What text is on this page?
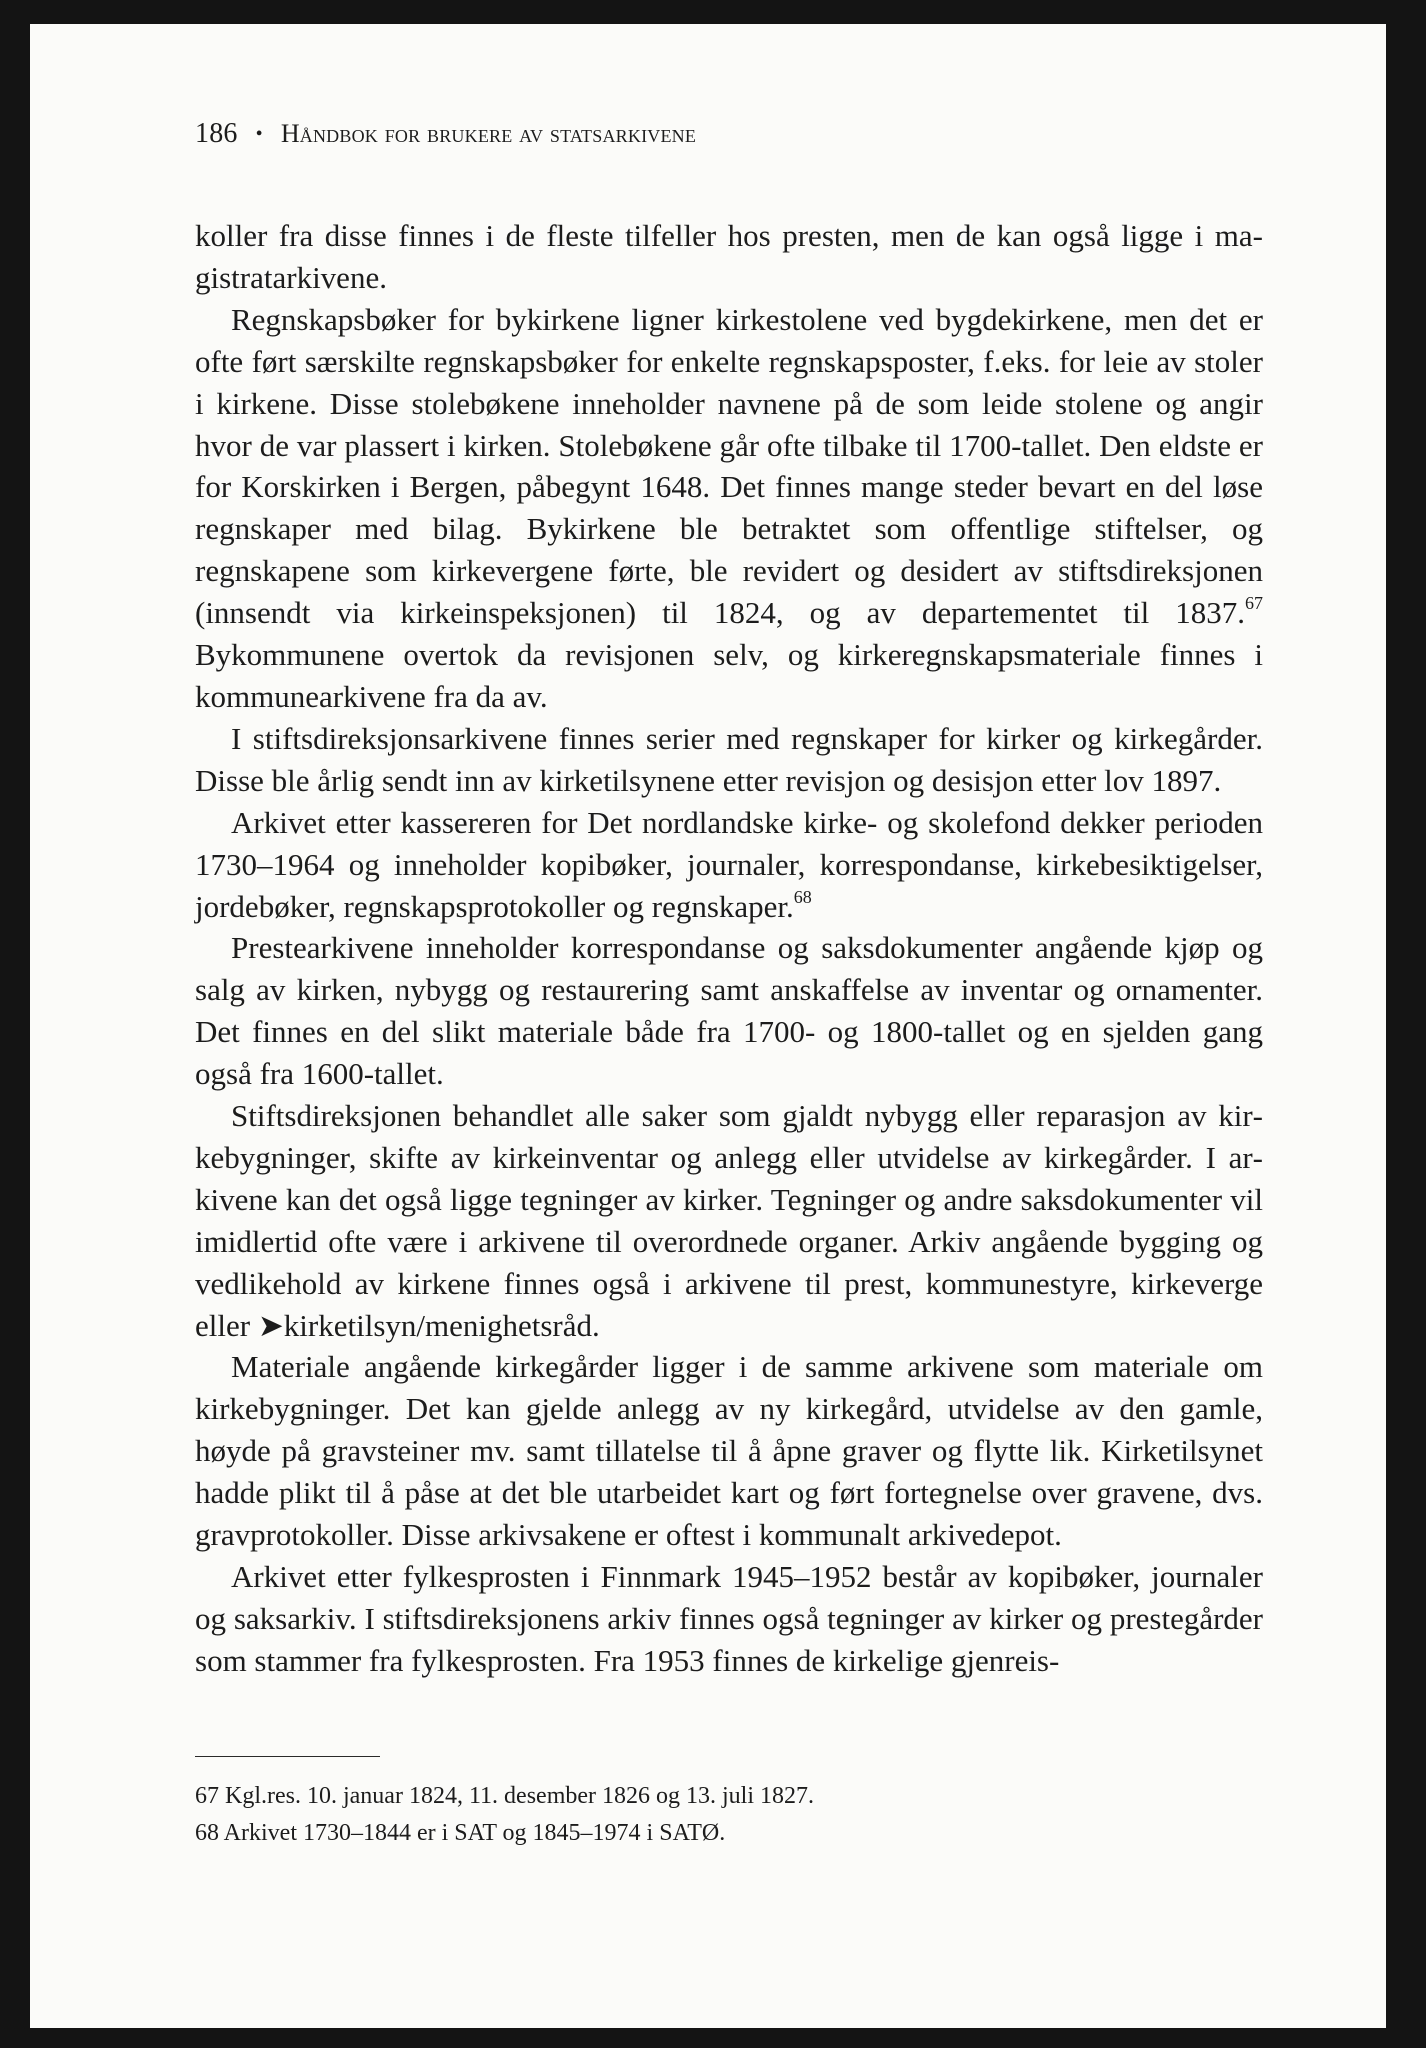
186 • Håndbok for brukere av statsarkivene

koller fra disse finnes i de fleste tilfeller hos presten, men de kan også ligge i magistratarkivene.

Regnskapsbøker for bykirkene ligner kirkestolene ved bygdekirkene, men det er ofte ført særskilte regnskapsbøker for enkelte regnskapsposter, f.eks. for leie av stoler i kirkene. Disse stolebøkene inneholder navnene på de som leide stolene og angir hvor de var plassert i kirken. Stolebøkene går ofte tilbake til 1700-tallet. Den eldste er for Korskirken i Bergen, påbegynt 1648. Det finnes mange steder bevart en del løse regnskaper med bilag. Bykirkene ble betraktet som offentlige stiftelser, og regnskapene som kirkevergene førte, ble revidert og desidert av stiftsdireksjonen (innsendt via kirkeinspeksjonen) til 1824, og av departementet til 1837.67 Bykommunene overtok da revisjonen selv, og kirkeregnskapsmateriale finnes i kommunearkivene fra da av.

I stiftsdireksjonsarkivene finnes serier med regnskaper for kirker og kirkegårder. Disse ble årlig sendt inn av kirketilsynene etter revisjon og desisjon etter lov 1897.

Arkivet etter kassereren for Det nordlandske kirke- og skolefond dekker perioden 1730–1964 og inneholder kopibøker, journaler, korrespondanse, kirkebesiktigelser, jordebøker, regnskapsprotokoller og regnskaper.$^{68}$

Prestearkivene inneholder korrespondanse og saksdokumenter angående kjøp og salg av kirken, nybygg og restaurering samt anskaffelse av inventar og ornamenter. Det finnes en del slikt materiale både fra 1700- og 1800-tallet og en sjelden gang også fra 1600-tallet.

Stiftsdireksjonen behandlet alle saker som gjaldt nybygg eller reparasjon av kirkebygninger, skifte av kirkeinventar og anlegg eller utvidelse av kirkegårder. I arkivene kan det også ligge tegninger av kirker. Tegninger og andre saksdokumenter vil imidlertid ofte være i arkivene til overordnede organer. Arkiv angående bygging og vedlikehold av kirkene finnes også i arkivene til prest, kommunestyre, kirkeverge eller ➤kirketilsyn/menighetsråd.

Materiale angående kirkegårder ligger i de samme arkivene som materiale om kirkebygninger. Det kan gjelde anlegg av ny kirkegård, utvidelse av den gamle, høyde på gravsteiner mv. samt tillatelse til å åpne graver og flytte lik. Kirketilsynet hadde plikt til å påse at det ble utarbeidet kart og ført fortegnelse over gravene, dvs. gravprotokoller. Disse arkivsakene er oftest i kommunalt arkivedepot.

Arkivet etter fylkesprosten i Finnmark 1945–1952 består av kopibøker, journaler og saksarkiv. I stiftsdireksjonens arkiv finnes også tegninger av kirker og prestegårder som stammer fra fylkesprosten. Fra 1953 finnes de kirkelige gjenreis-

67 Kgl.res. 10. januar 1824, 11. desember 1826 og 13. juli 1827.

68 Arkivet 1730–1844 er i SAT og 1845–1974 i SATØ.
